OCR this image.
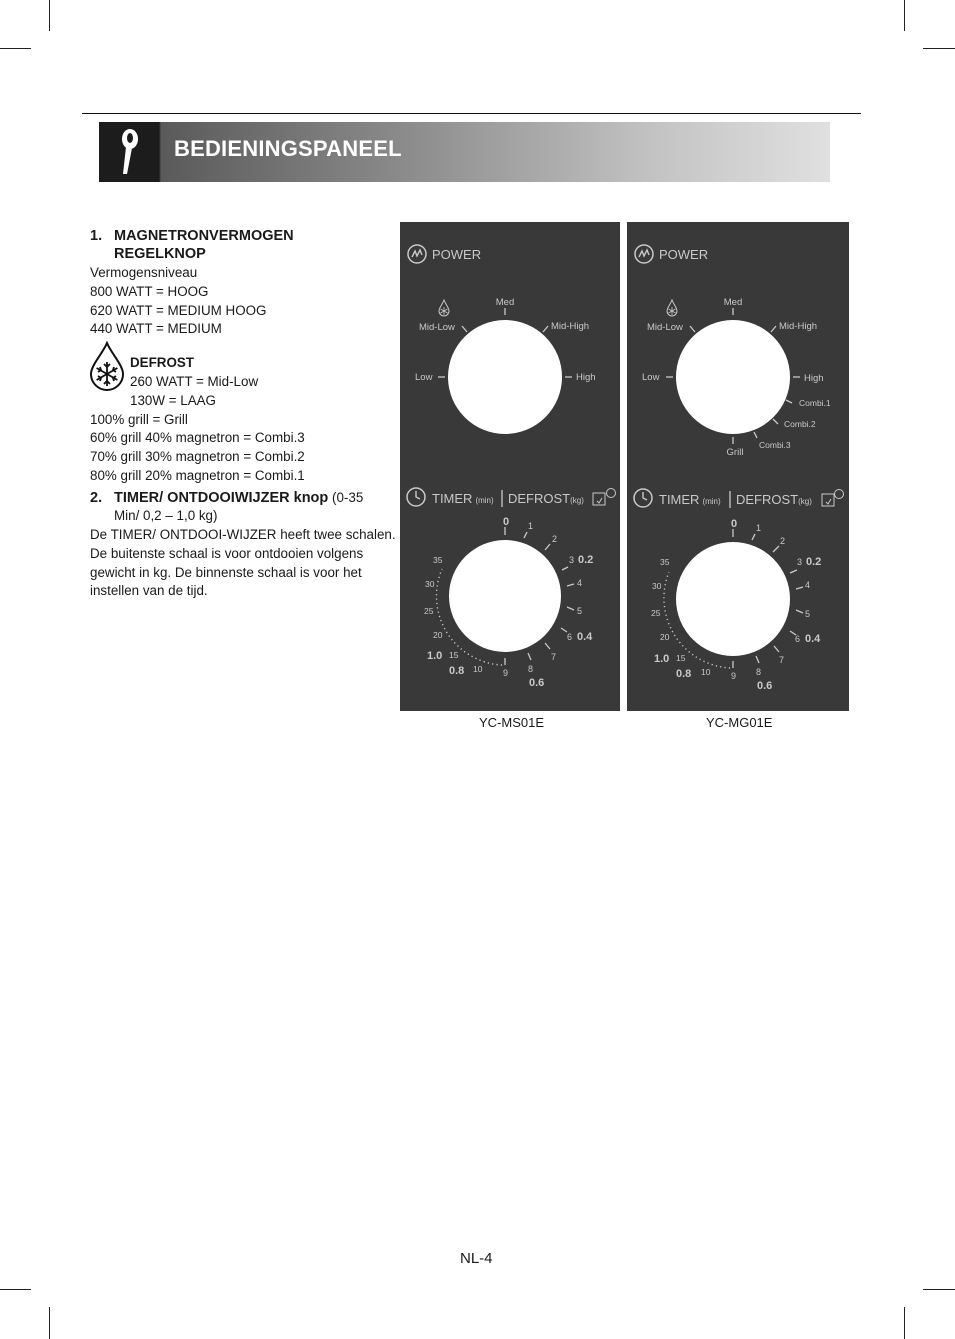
BEDIENINGSPANEEL
1. MAGNETRONVERMOGEN
REGELKNOP
Vermogensniveau
800 WATT = HOOG
620 WATT = MEDIUM HOOG
440 WATT = MEDIUM
DEFROST
260 WATT = Mid-Low
130W = LAAG
100% grill = Grill
60% grill 40% magnetron = Combi.3
70% grill 30% magnetron = Combi.2
80% grill 20% magnetron = Combi.1
2. TIMER/ ONTDOOIWIJZER knop (0-35
Min/ 0,2 – 1,0 kg)
De TIMER/ ONTDOOI-WIJZER heeft twee schalen.
De buitenste schaal is voor ontdooien volgens
gewicht in kg. De binnenste schaal is voor het
instellen van de tijd.
POWER
Med
Mid-Low	Mid-High
Low	High
TIMER (min) DEFROST(kg)
0 1
2
3
4
5
6
7
8
9
10
15
20
25
30
35	0.2
0.4
0.6
0.8
1.0
POWER
Med
Mid-Low	Mid-High
Low	High
Combi.1
Combi.2
Combi.3
Grill
TIMER (min) DEFROST(kg)
0 1
2
3
4
5
6
7
8
9
10
15
20
25
30
35	0.2
0.4
0.6
0.8
1.0
YC-MS01E	YC-MG01E
NL-4
